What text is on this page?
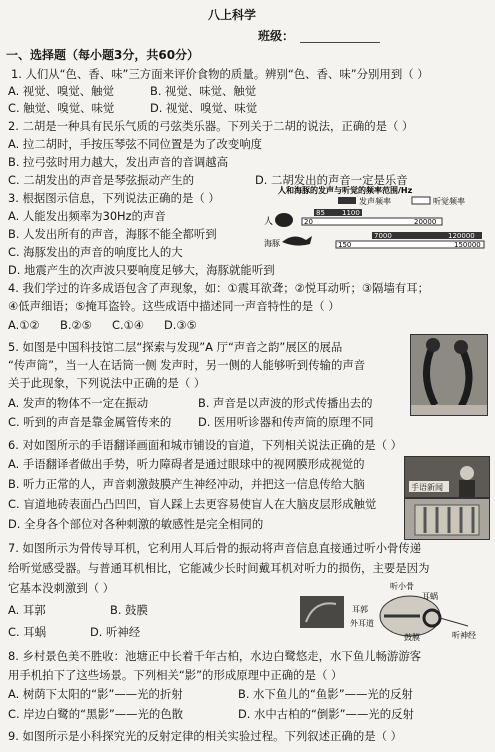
八上科学
班级：
一、选择题（每小题3分，共60分）
1. 人们从“色、香、味”三方面来评价食物的质量。辨别“色、香、味”分别用到（ ）
A. 视觉、嗅觉、触觉	B. 视觉、味觉、触觉
C. 触觉、嗅觉、味觉	D. 视觉、嗅觉、味觉
2. 二胡是一种具有民乐气质的弓弦类乐器。下列关于二胡的说法，正确的是（ ）
A. 拉二胡时，手按压琴弦不同位置是为了改变响度
B. 拉弓弦时用力越大，发出声音的音调越高
C. 二胡发出的声音是琴弦振动产生的	D. 二胡发出的声音一定是乐音
3. 根据图示信息，下列说法正确的是（ ）
A. 人能发出频率为30Hz的声音
B. 人发出所有的声音，海豚不能全都听到
C. 海豚发出的声音的响度比人的大
D. 地震产生的次声波只要响度足够大，海豚就能听到
人和海豚的发声与听觉的频率范围/Hz
发声频率	听觉频率
人
85 1100
20	20000
海豚
7000	120000
150	150000
4. 我们学过的许多成语包含了声现象，如：①震耳欲聋；②悦耳动听；③隔墙有耳；
④低声细语；⑤掩耳盗铃。这些成语中描述同一声音特性的是（ ）
A.①② B.②⑤ C.①④ D.③⑤
5. 如图是中国科技馆二层“探索与发现”A 厅“声音之韵”展区的展品
“传声筒”，当一人在话筒一侧 发声时，另一侧的人能够听到传输的声音
关于此现象，下列说法中正确的是（ ）
A. 发声的物体不一定在振动	B. 声音是以声波的形式传播出去的
C. 听到的声音是靠金属管传来的 D. 医用听诊器和传声筒的原理不同
6. 对如图所示的手语翻译画面和城市铺设的盲道，下列相关说法正确的是（ ）
A. 手语翻译者做出手势，听力障碍者是通过眼球中的视网膜形成视觉的
B. 听力正常的人，声音刺激鼓膜产生神经冲动，并把这一信息传给大脑
C. 盲道地砖表面凸凸凹凹，盲人踩上去更容易使盲人在大脑皮层形成触觉
D. 全身各个部位对各种刺激的敏感性是完全相同的
手语新闻
7. 如图所示为骨传导耳机，它利用人耳后骨的振动将声音信息直接通过听小骨传递
给听觉感受器。与普通耳机相比，它能减少长时间戴耳机对听力的损伤，主要是因为
它基本没刺激到（ ）
A. 耳郭	B. 鼓膜
C. 耳蜗	D. 听神经
听小骨
耳蜗
耳郭
外耳道
鼓膜	听神经
8. 乡村景色美不胜收：池塘正中长着千年古柏，水边白鹭悠走，水下鱼儿畅游游客
用手机拍下了这些场景。下列相关“影”的形成原理中正确的是（ ）
A. 树荫下太阳的“影”——光的折射	B. 水下鱼儿的“鱼影”——光的反射
C. 岸边白鹭的“黑影”——光的色散	D. 水中古柏的“倒影”——光的反射
9. 如图所示是小科探究光的反射定律的相关实验过程。下列叙述正确的是（ ）
